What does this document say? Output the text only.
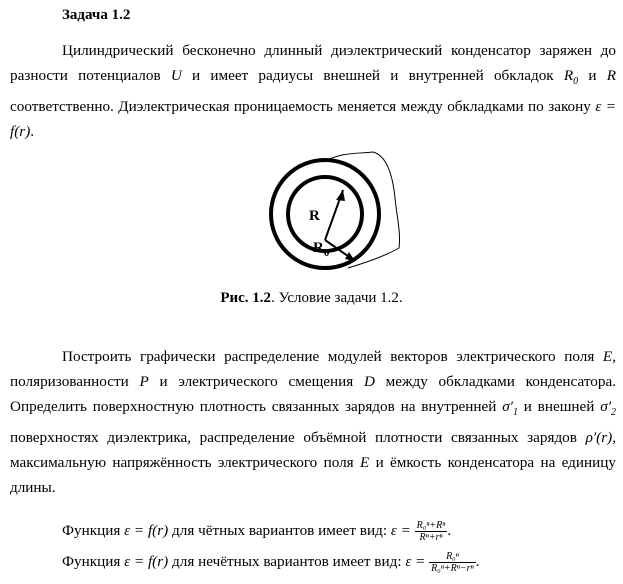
Задача 1.2

Цилиндрический бесконечно длинный диэлектрический конденсатор заряжен до разности потенциалов U и имеет радиусы внешней и внутренней обкладок $R_0$ и R соответственно. Диэлектрическая проницаемость меняется между обкладками по закону ε = f(r).

R
$R_0$
Рис. 1.2. Условие задачи 1.2.

Построить графически распределение модулей векторов электрического поля E, поляризованности P и электрического смещения D между обкладками конденсатора. Определить поверхностную плотность связанных зарядов на внутренней $\sigma'_1$ и внешней $\sigma'_2$ поверхностях диэлектрика, распределение объёмной плотности связанных зарядов ρ′(r), максимальную напряжённость электрического поля E и ёмкость конденсатора на единицу длины.

Функция ε = f(r) для чётных вариантов имеет вид: $\varepsilon = \frac{\text{R₀ⁿ+Rⁿ}}{\text{Rⁿ+rⁿ}}$ .
Функция ε = f(r) для нечётных вариантов имеет вид: $\varepsilon = \frac{\text{R₀ⁿ}}{\text{R₀ⁿ+Rⁿ−rⁿ}}$ .
